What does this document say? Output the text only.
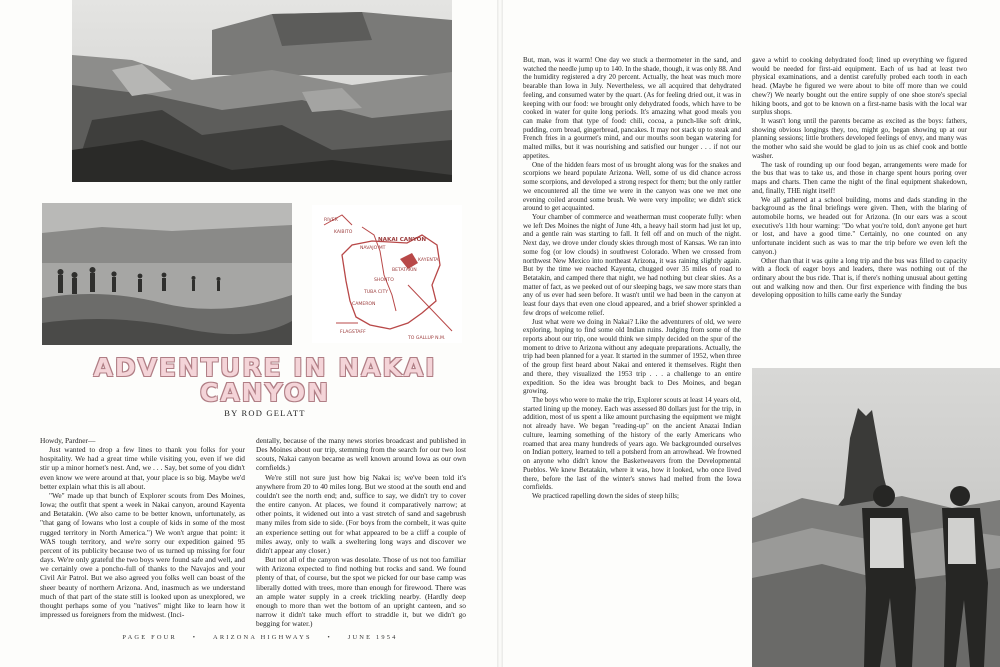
NAKAI CANYON
KAIBITO
NAVAJO MT
KAYENTA
SHONTO
TO GALLUP N.M.
FLAGSTAFF
CAMERON
TUBA CITY
BETATAKIN
RIVER
ADVENTURE IN NAKAI CANYON
BY ROD GELATT

Howdy, Pardner—

Just wanted to drop a few lines to thank you folks for your hospitality. We had a great time while visiting you, even if we did stir up a minor hornet's nest. And, we . . . Say, bet some of you didn't even know we were around at that, your place is so big. Maybe we'd better explain what this is all about.

"We" made up that bunch of Explorer scouts from Des Moines, Iowa; the outfit that spent a week in Nakai canyon, around Kayenta and Betatakin. (We also came to be better known, unfortunately, as "that gang of Iowans who lost a couple of kids in some of the most rugged territory in North America.") We won't argue that point: it WAS tough territory, and we're sorry our expedition gained 95 percent of its publicity because two of us turned up missing for four days. We're only grateful the two boys were found safe and well, and we certainly owe a poncho-full of thanks to the Navajos and your Civil Air Patrol. But we also agreed you folks well can boast of the sheer beauty of northern Arizona. And, inasmuch as we understand much of that part of the state still is looked upon as unexplored, we thought perhaps some of you "natives" might like to learn how it impressed us foreigners from the midwest. (Inci-

dentally, because of the many news stories broadcast and published in Des Moines about our trip, stemming from the search for our two lost scouts, Nakai canyon became as well known around Iowa as our own cornfields.)

We're still not sure just how big Nakai is; we've been told it's anywhere from 20 to 40 miles long. But we stood at the south end and couldn't see the north end; and, suffice to say, we didn't try to cover the entire canyon. At places, we found it comparatively narrow; at other points, it widened out into a vast stretch of sand and sagebrush many miles from side to side. (For boys from the cornbelt, it was quite an experience setting out for what appeared to be a cliff a couple of miles away, only to walk a sweltering long ways and discover we didn't appear any closer.)

But not all of the canyon was desolate. Those of us not too familiar with Arizona expected to find nothing but rocks and sand. We found plenty of that, of course, but the spot we picked for our base camp was liberally dotted with trees, more than enough for firewood. There was an ample water supply in a creek trickling nearby. (Hardly deep enough to more than wet the bottom of an upright canteen, and so narrow it didn't take much effort to straddle it, but we didn't go begging for water.)

But, man, was it warm! One day we stuck a thermometer in the sand, and watched the needle jump up to 140. In the shade, though, it was only 88. And the humidity registered a dry 20 percent. Actually, the heat was much more bearable than Iowa in July. Nevertheless, we all acquired that dehydrated feeling, and consumed water by the quart. (As for feeling dried out, it was in keeping with our food: we brought only dehydrated foods, which have to be cooked in water for quite long periods. It's amazing what good meals you can make from that type of food: chili, cocoa, a punch-like soft drink, pudding, corn bread, gingerbread, pancakes. It may not stack up to steak and French fries in a gourmet's mind, and our mouths soon began watering for malted milks, but it was nourishing and satisfied our hunger . . . if not our appetites.

One of the hidden fears most of us brought along was for the snakes and scorpions we heard populate Arizona. Well, some of us did chance across some scorpions, and developed a strong respect for them; but the only rattler we encountered all the time we were in the canyon was one we met one evening coiled around some brush. We were very impolite; we didn't stick around to get acquainted.

Your chamber of commerce and weatherman must cooperate fully: when we left Des Moines the night of June 4th, a heavy hail storm had just let up, and a gentle rain was starting to fall. It fell off and on much of the night. Next day, we drove under cloudy skies through most of Kansas. We ran into some fog (or low clouds) in southwest Colorado. When we crossed from northwest New Mexico into northeast Arizona, it was raining slightly again. But by the time we reached Kayenta, chugged over 35 miles of road to Betatakin, and camped there that night, we had nothing but clear skies. As a matter of fact, as we peeked out of our sleeping bags, we saw more stars than any of us ever had seen before. It wasn't until we had been in the canyon at least four days that even one cloud appeared, and a brief shower sprinkled a few drops of welcome relief.

Just what were we doing in Nakai? Like the adventurers of old, we were exploring, hoping to find some old Indian ruins. Judging from some of the reports about our trip, one would think we simply decided on the spur of the moment to drive to Arizona without any adequate preparations. Actually, the trip had been planned for a year. It started in the summer of 1952, when three of the group first heard about Nakai and entered it themselves. Right then and there, they visualized the 1953 trip . . . a challenge to an entire expedition. So the idea was brought back to Des Moines, and began growing.

The boys who were to make the trip, Explorer scouts at least 14 years old, started lining up the money. Each was assessed 80 dollars just for the trip, in addition, most of us spent a like amount purchasing the equipment we might not already have. We began "reading-up" on the ancient Anazai Indian culture, learning something of the history of the early Americans who roamed that area many hundreds of years ago. We backgrounded ourselves on Indian pottery, learned to tell a potsherd from an arrowhead. We frowned on anyone who didn't know the Basketweavers from the Developmental Pueblos. We knew Betatakin, where it was, how it looked, who once lived there, before the last of the winter's snows had melted from the Iowa cornfields.

We practiced rapelling down the sides of steep hills;

gave a whirl to cooking dehydrated food; lined up everything we figured would be needed for first-aid equipment. Each of us had at least two physical examinations, and a dentist carefully probed each tooth in each head. (Maybe he figured we were about to bite off more than we could chew?) We nearly bought out the entire supply of one shoe store's special hiking boots, and got to be known on a first-name basis with the local war surplus shops.

It wasn't long until the parents became as excited as the boys: fathers, showing obvious longings they, too, might go, began showing up at our planning sessions; little brothers developed feelings of envy, and many was the mother who said she would be glad to join us as chief cook and bottle washer.

The task of rounding up our food began, arrangements were made for the bus that was to take us, and those in charge spent hours poring over maps and charts. Then came the night of the final equipment shakedown, and, finally, THE night itself!

We all gathered at a school building, moms and dads standing in the background as the final briefings were given. Then, with the blaring of automobile horns, we headed out for Arizona. (In our ears was a scout executive's 11th hour warning: "Do what you're told, don't anyone get hurt or lost, and have a good time." Certainly, no one counted on any unfortunate incident such as was to mar the trip before we even left the canyon.)

Other than that it was quite a long trip and the bus was filled to capacity with a flock of eager boys and leaders, there was nothing out of the ordinary about the bus ride. That is, if there's nothing unusual about getting out and walking now and then. Our first experience with finding the bus developing opposition to hills came early the Sunday

PAGE FOUR • ARIZONA HIGHWAYS • JUNE 1954
